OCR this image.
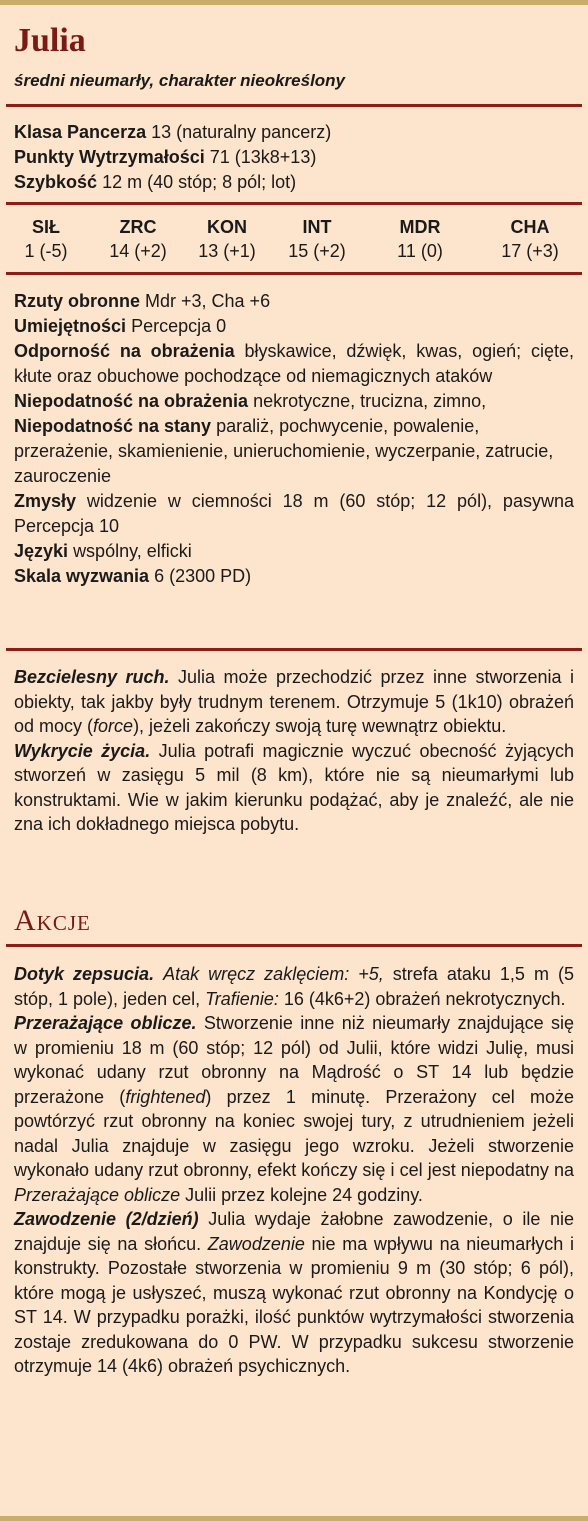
Julia
średni nieumarły, charakter nieokreślony
Klasa Pancerza 13 (naturalny pancerz)
Punkty Wytrzymałości 71 (13k8+13)
Szybkość 12 m (40 stóp; 8 pól; lot)
SIŁ
1 (-5)
ZRC
14 (+2)
KON
13 (+1)
INT
15 (+2)
MDR
11 (0)
CHA
17 (+3)
Rzuty obronne Mdr +3, Cha +6
Umiejętności Percepcja 0
Odporność na obrażenia błyskawice, dźwięk, kwas, ogień; cięte, kłute oraz obuchowe pochodzące od niemagicznych ataków
Niepodatność na obrażenia nekrotyczne, trucizna, zimno,
Niepodatność na stany paraliż, pochwycenie, powalenie, przerażenie, skamienienie, unieruchomienie, wyczerpanie, zatrucie, zauroczenie
Zmysły widzenie w ciemności 18 m (60 stóp; 12 pól), pasywna Percepcja 10
Języki wspólny, elficki
Skala wyzwania 6 (2300 PD)
Bezcielesny ruch. Julia może przechodzić przez inne stworzenia i obiekty, tak jakby były trudnym terenem. Otrzymuje 5 (1k10) obrażeń od mocy (force), jeżeli zakończy swoją turę wewnątrz obiektu.
Wykrycie życia. Julia potrafi magicznie wyczuć obecność żyjących stworzeń w zasięgu 5 mil (8 km), które nie są nieumarłymi lub konstruktami. Wie w jakim kierunku podążać, aby je znaleźć, ale nie zna ich dokładnego miejsca pobytu.
Akcje
Dotyk zepsucia. Atak wręcz zaklęciem: +5, strefa ataku 1,5 m (5 stóp, 1 pole), jeden cel, Trafienie: 16 (4k6+2) obrażeń nekrotycznych.
Przerażające oblicze. Stworzenie inne niż nieumarły znajdujące się w promieniu 18 m (60 stóp; 12 pól) od Julii, które widzi Julię, musi wykonać udany rzut obronny na Mądrość o ST 14 lub będzie przerażone (frightened) przez 1 minutę. Przerażony cel może powtórzyć rzut obronny na koniec swojej tury, z utrudnieniem jeżeli nadal Julia znajduje w zasięgu jego wzroku. Jeżeli stworzenie wykonało udany rzut obronny, efekt kończy się i cel jest niepodatny na Przerażające oblicze Julii przez kolejne 24 godziny.
Zawodzenie (2/dzień) Julia wydaje żałobne zawodzenie, o ile nie znajduje się na słońcu. Zawodzenie nie ma wpływu na nieumarłych i konstrukty. Pozostałe stworzenia w promieniu 9 m (30 stóp; 6 pól), które mogą je usłyszeć, muszą wykonać rzut obronny na Kondycję o ST 14. W przypadku porażki, ilość punktów wytrzymałości stworzenia zostaje zredukowana do 0 PW. W przypadku sukcesu stworzenie otrzymuje 14 (4k6) obrażeń psychicznych.
